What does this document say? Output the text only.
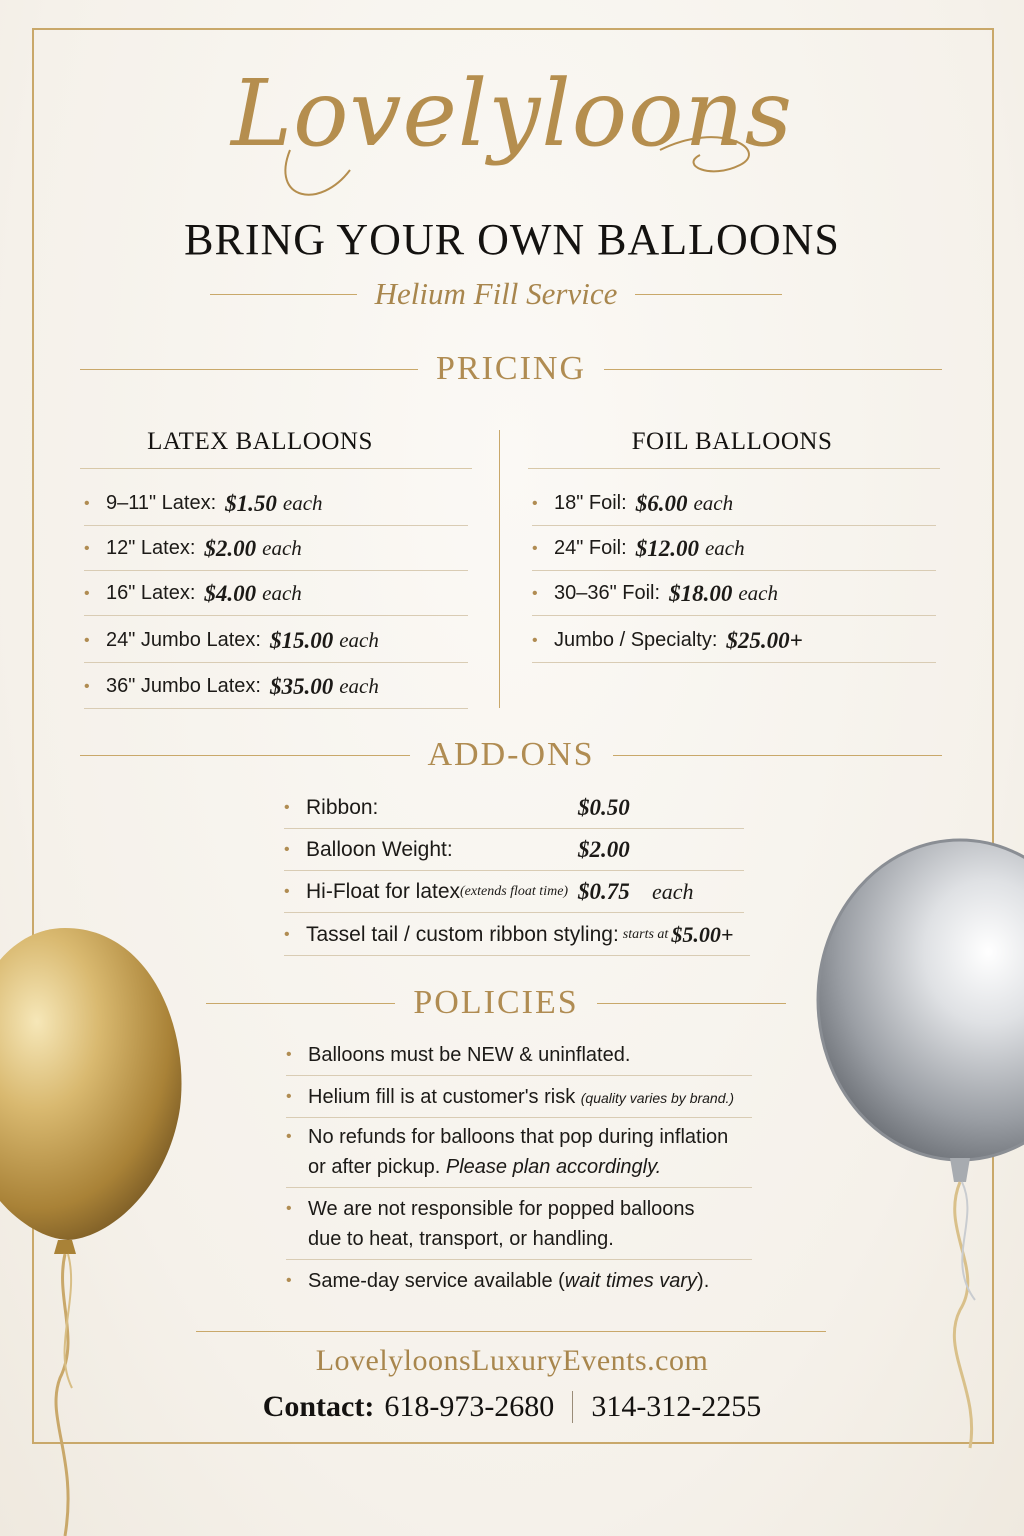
Lovelyloons
BRING YOUR OWN BALLOONS
Helium Fill Service
PRICING
LATEX BALLOONS	FOIL BALLOONS
• 9–11" Latex: $1.50 each
• 12" Latex: $2.00 each
• 16" Latex: $4.00 each
• 24" Jumbo Latex: $15.00 each
• 36" Jumbo Latex: $35.00 each
• 18" Foil: $6.00 each
• 24" Foil: $12.00 each
• 30–36" Foil: $18.00 each
• Jumbo / Specialty: $25.00+
ADD-ONS
• Ribbon:	$0.50
• Balloon Weight:	$2.00
• Hi-Float for latex (extends float time) $0.75 each
• Tassel tail / custom ribbon styling: starts at $5.00+
POLICIES
• Balloons must be NEW & uninflated.
• Helium fill is at customer's risk (quality varies by brand.)
• No refunds for balloons that pop during inflation
or after pickup. Please plan accordingly.
• We are not responsible for popped balloons
due to heat, transport, or handling.
• Same-day service available (wait times vary).
LovelyloonsLuxuryEvents.com
Contact: 618-973-2680 314-312-2255
